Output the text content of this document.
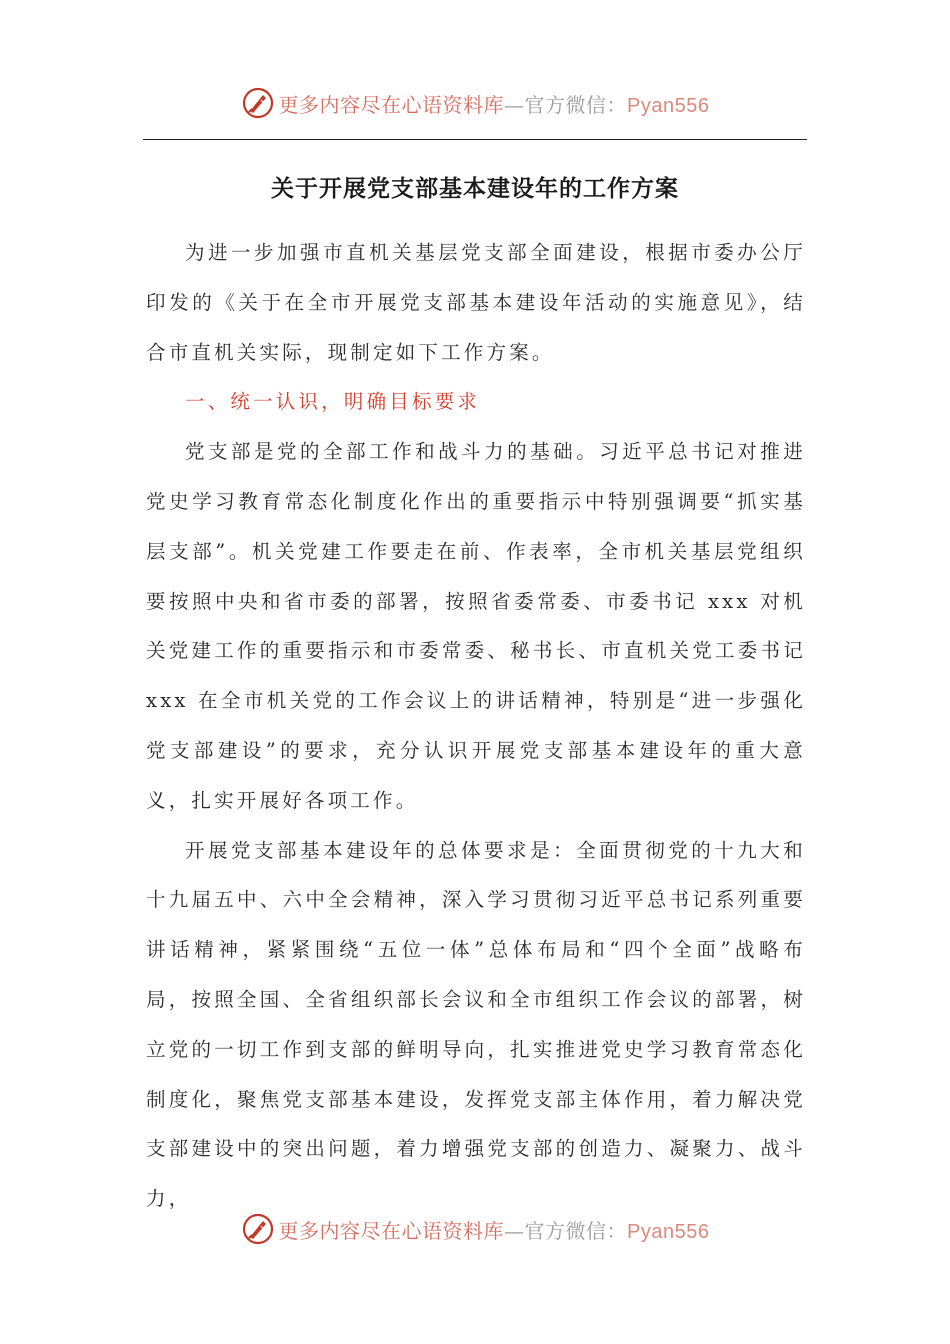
更多内容尽在心语资料库—官方微信：Pyan556
关于开展党支部基本建设年的工作方案

为进一步加强市直机关基层党支部全面建设，根据市委办公厅印发的《关于在全市开展党支部基本建设年活动的实施意见》，结合市直机关实际，现制定如下工作方案。

一、统一认识，明确目标要求

党支部是党的全部工作和战斗力的基础。习近平总书记对推进党史学习教育常态化制度化作出的重要指示中特别强调要“抓实基层支部”。机关党建工作要走在前、作表率，全市机关基层党组织要按照中央和省市委的部署，按照省委常委、市委书记 xxx 对机关党建工作的重要指示和市委常委、秘书长、市直机关党工委书记 xxx 在全市机关党的工作会议上的讲话精神，特别是“进一步强化党支部建设”的要求，充分认识开展党支部基本建设年的重大意义，扎实开展好各项工作。

开展党支部基本建设年的总体要求是：全面贯彻党的十九大和十九届五中、六中全会精神，深入学习贯彻习近平总书记系列重要讲话精神，紧紧围绕“五位一体”总体布局和“四个全面”战略布局，按照全国、全省组织部长会议和全市组织工作会议的部署，树立党的一切工作到支部的鲜明导向，扎实推进党史学习教育常态化制度化，聚焦党支部基本建设，发挥党支部主体作用，着力解决党支部建设中的突出问题，着力增强党支部的创造力、凝聚力、战斗力，

更多内容尽在心语资料库—官方微信：Pyan556
